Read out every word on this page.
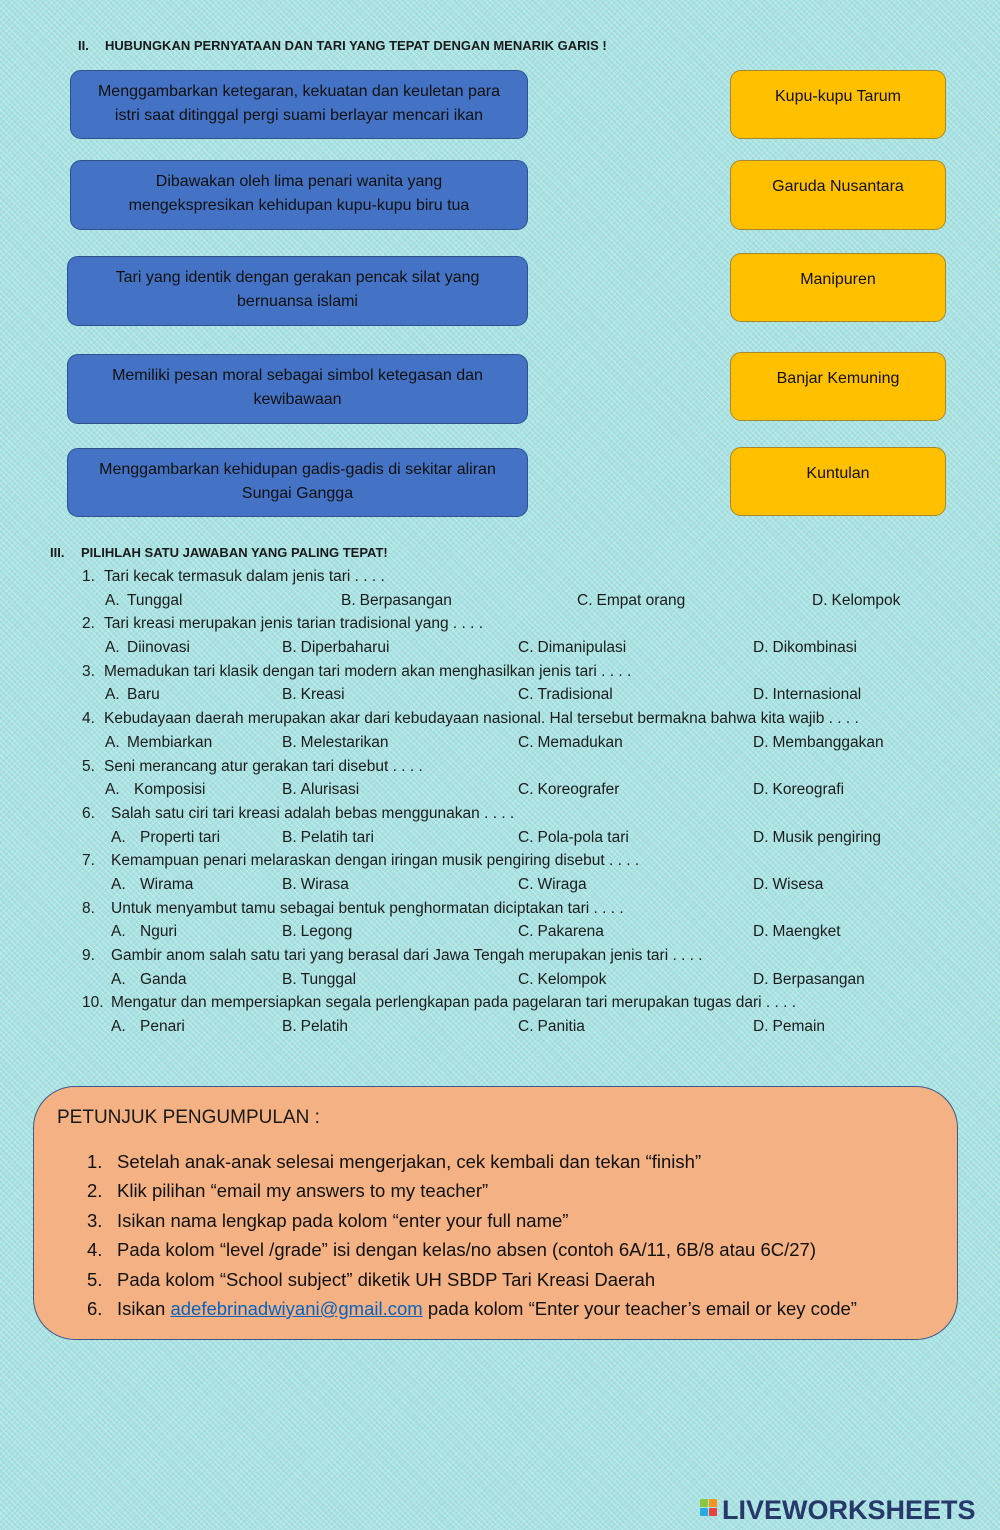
II. HUBUNGKAN PERNYATAAN DAN TARI YANG TEPAT DENGAN MENARIK GARIS !
Menggambarkan ketegaran, kekuatan dan keuletan para
istri saat ditinggal pergi suami berlayar mencari ikan
Dibawakan oleh lima penari wanita yang
mengekspresikan kehidupan kupu-kupu biru tua
Tari yang identik dengan gerakan pencak silat yang
bernuansa islami
Memiliki pesan moral sebagai simbol ketegasan dan
kewibawaan
Menggambarkan kehidupan gadis-gadis di sekitar aliran
Sungai Gangga
Kupu-kupu Tarum
Garuda Nusantara
Manipuren
Banjar Kemuning
Kuntulan
III. PILIHLAH SATU JAWABAN YANG PALING TEPAT!
1. Tari kecak termasuk dalam jenis tari . . . .
A. Tunggal	B. Berpasangan	C. Empat orang	D. Kelompok
2. Tari kreasi merupakan jenis tarian tradisional yang . . . .
A. Diinovasi	B. Diperbaharui	C. Dimanipulasi	D. Dikombinasi
3. Memadukan tari klasik dengan tari modern akan menghasilkan jenis tari . . . .
A. Baru	B. Kreasi	C. Tradisional	D. Internasional
4. Kebudayaan daerah merupakan akar dari kebudayaan nasional. Hal tersebut bermakna bahwa kita wajib . . . .
A. Membiarkan	B. Melestarikan	C. Memadukan	D. Membanggakan
5. Seni merancang atur gerakan tari disebut . . . .
A. Komposisi	B. Alurisasi	C. Koreografer	D. Koreografi
6. Salah satu ciri tari kreasi adalah bebas menggunakan . . . .
A. Properti tari	B. Pelatih tari	C. Pola-pola tari	D. Musik pengiring
7. Kemampuan penari melaraskan dengan iringan musik pengiring disebut . . . .
A. Wirama	B. Wirasa	C. Wiraga	D. Wisesa
8. Untuk menyambut tamu sebagai bentuk penghormatan diciptakan tari . . . .
A. Nguri	B. Legong	C. Pakarena	D. Maengket
9. Gambir anom salah satu tari yang berasal dari Jawa Tengah merupakan jenis tari . . . .
A. Ganda	B. Tunggal	C. Kelompok	D. Berpasangan
10. Mengatur dan mempersiapkan segala perlengkapan pada pagelaran tari merupakan tugas dari . . . .
A. Penari	B. Pelatih	C. Panitia	D. Pemain
PETUNJUK PENGUMPULAN :
1. Setelah anak-anak selesai mengerjakan, cek kembali dan tekan “finish”
2. Klik pilihan “email my answers to my teacher”
3. Isikan nama lengkap pada kolom “enter your full name”
4. Pada kolom “level /grade” isi dengan kelas/no absen (contoh 6A/11, 6B/8 atau 6C/27)
5. Pada kolom “School subject” diketik UH SBDP Tari Kreasi Daerah
6. Isikan adefebrinadwiyani@gmail.com pada kolom “Enter your teacher’s email or key code”
LIVEWORKSHEETS
